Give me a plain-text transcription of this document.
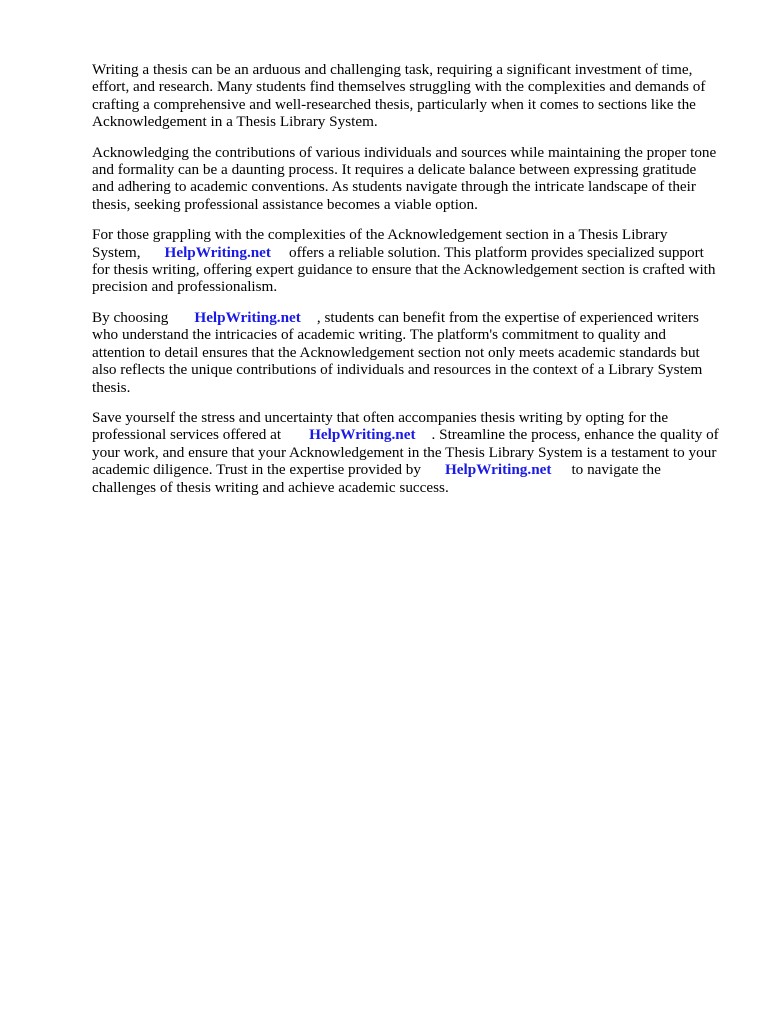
Writing a thesis can be an arduous and challenging task, requiring a significant investment of time, effort, and research. Many students find themselves struggling with the complexities and demands of crafting a comprehensive and well-researched thesis, particularly when it comes to sections like the Acknowledgement in a Thesis Library System.

Acknowledging the contributions of various individuals and sources while maintaining the proper tone and formality can be a daunting process. It requires a delicate balance between expressing gratitude and adhering to academic conventions. As students navigate through the intricate landscape of their thesis, seeking professional assistance becomes a viable option.

For those grappling with the complexities of the Acknowledgement section in a Thesis Library System, HelpWriting.net offers a reliable solution. This platform provides specialized support for thesis writing, offering expert guidance to ensure that the Acknowledgement section is crafted with precision and professionalism.

By choosing HelpWriting.net , students can benefit from the expertise of experienced writers who understand the intricacies of academic writing. The platform's commitment to quality and attention to detail ensures that the Acknowledgement section not only meets academic standards but also reflects the unique contributions of individuals and resources in the context of a Library System thesis.

Save yourself the stress and uncertainty that often accompanies thesis writing by opting for the professional services offered at HelpWriting.net . Streamline the process, enhance the quality of your work, and ensure that your Acknowledgement in the Thesis Library System is a testament to your academic diligence. Trust in the expertise provided by HelpWriting.net to navigate the challenges of thesis writing and achieve academic success.
